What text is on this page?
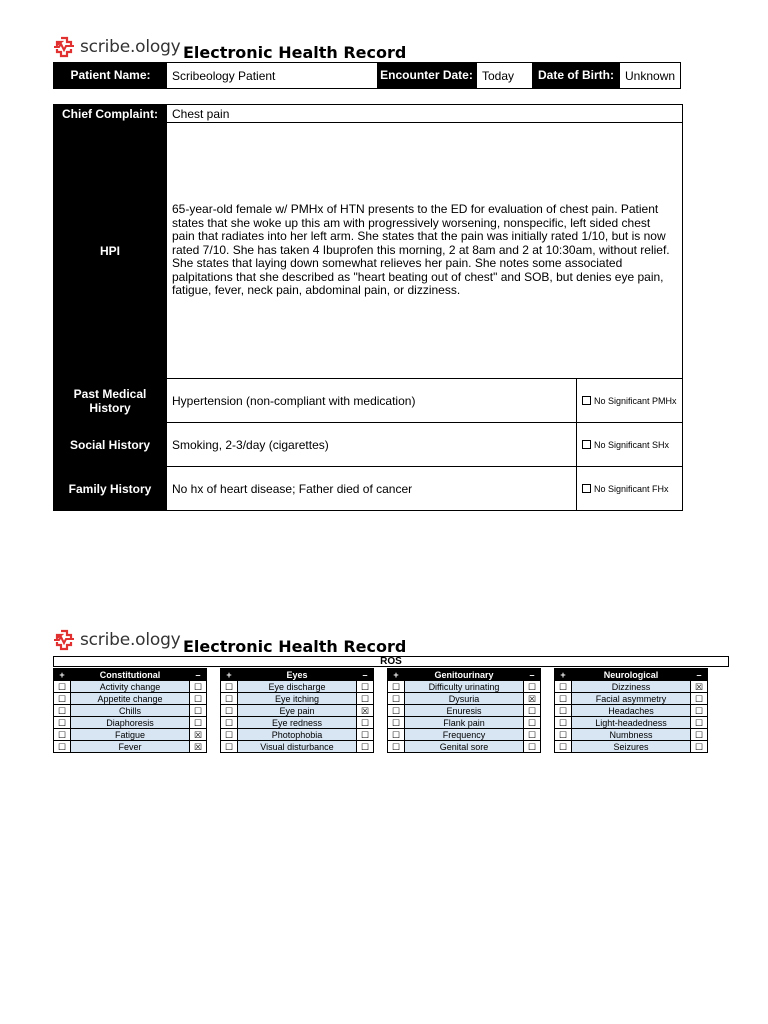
scribe.ology Electronic Health Record
Patient Name:	Scribeology Patient	Encounter Date: Today	Date of Birth: Unknown
Chief Complaint:	Chest pain	
HPI	65-year-old female w/ PMHx of HTN presents to the ED for evaluation of chest pain. Patient states that she woke up this am with progressively worsening, nonspecific, left sided chest pain that radiates into her left arm. She states that the pain was initially rated 1/10, but is now rated 7/10. She has taken 4 Ibuprofen this morning, 2 at 8am and 2 at 10:30am, without relief. She states that laying down somewhat relieves her pain. She notes some associated palpitations that she described as "heart beating out of chest" and SOB, but denies eye pain, fatigue, fever, neck pain, abdominal pain, or dizziness.	
Past Medical History	Hypertension (non-compliant with medication)	No Significant PMHx

Social History	Smoking, 2-3/day (cigarettes)	No Significant SHx

Family History	No hx of heart disease; Father died of cancer	No Significant FHx
scribe.ology Electronic Health Record
ROS
+	Constitutional	–
☐	Activity change	☐
☐	Appetite change	☐
☐	Chills	☐
☐	Diaphoresis	☐
☐	Fatigue	☒
☐	Fever	☒
+	Eyes	–
☐	Eye discharge	☐
☐	Eye itching	☐
☐	Eye pain	☒
☐	Eye redness	☐
☐	Photophobia	☐
☐	Visual disturbance	☐
+	Genitourinary	–
☐	Difficulty urinating	☐
☐	Dysuria	☒
☐	Enuresis	☐
☐	Flank pain	☐
☐	Frequency	☐
☐	Genital sore	☐
+	Neurological	–
☐	Dizziness	☒
☐	Facial asymmetry	☐
☐	Headaches	☐
☐	Light-headedness	☐
☐	Numbness	☐
☐	Seizures	☐
